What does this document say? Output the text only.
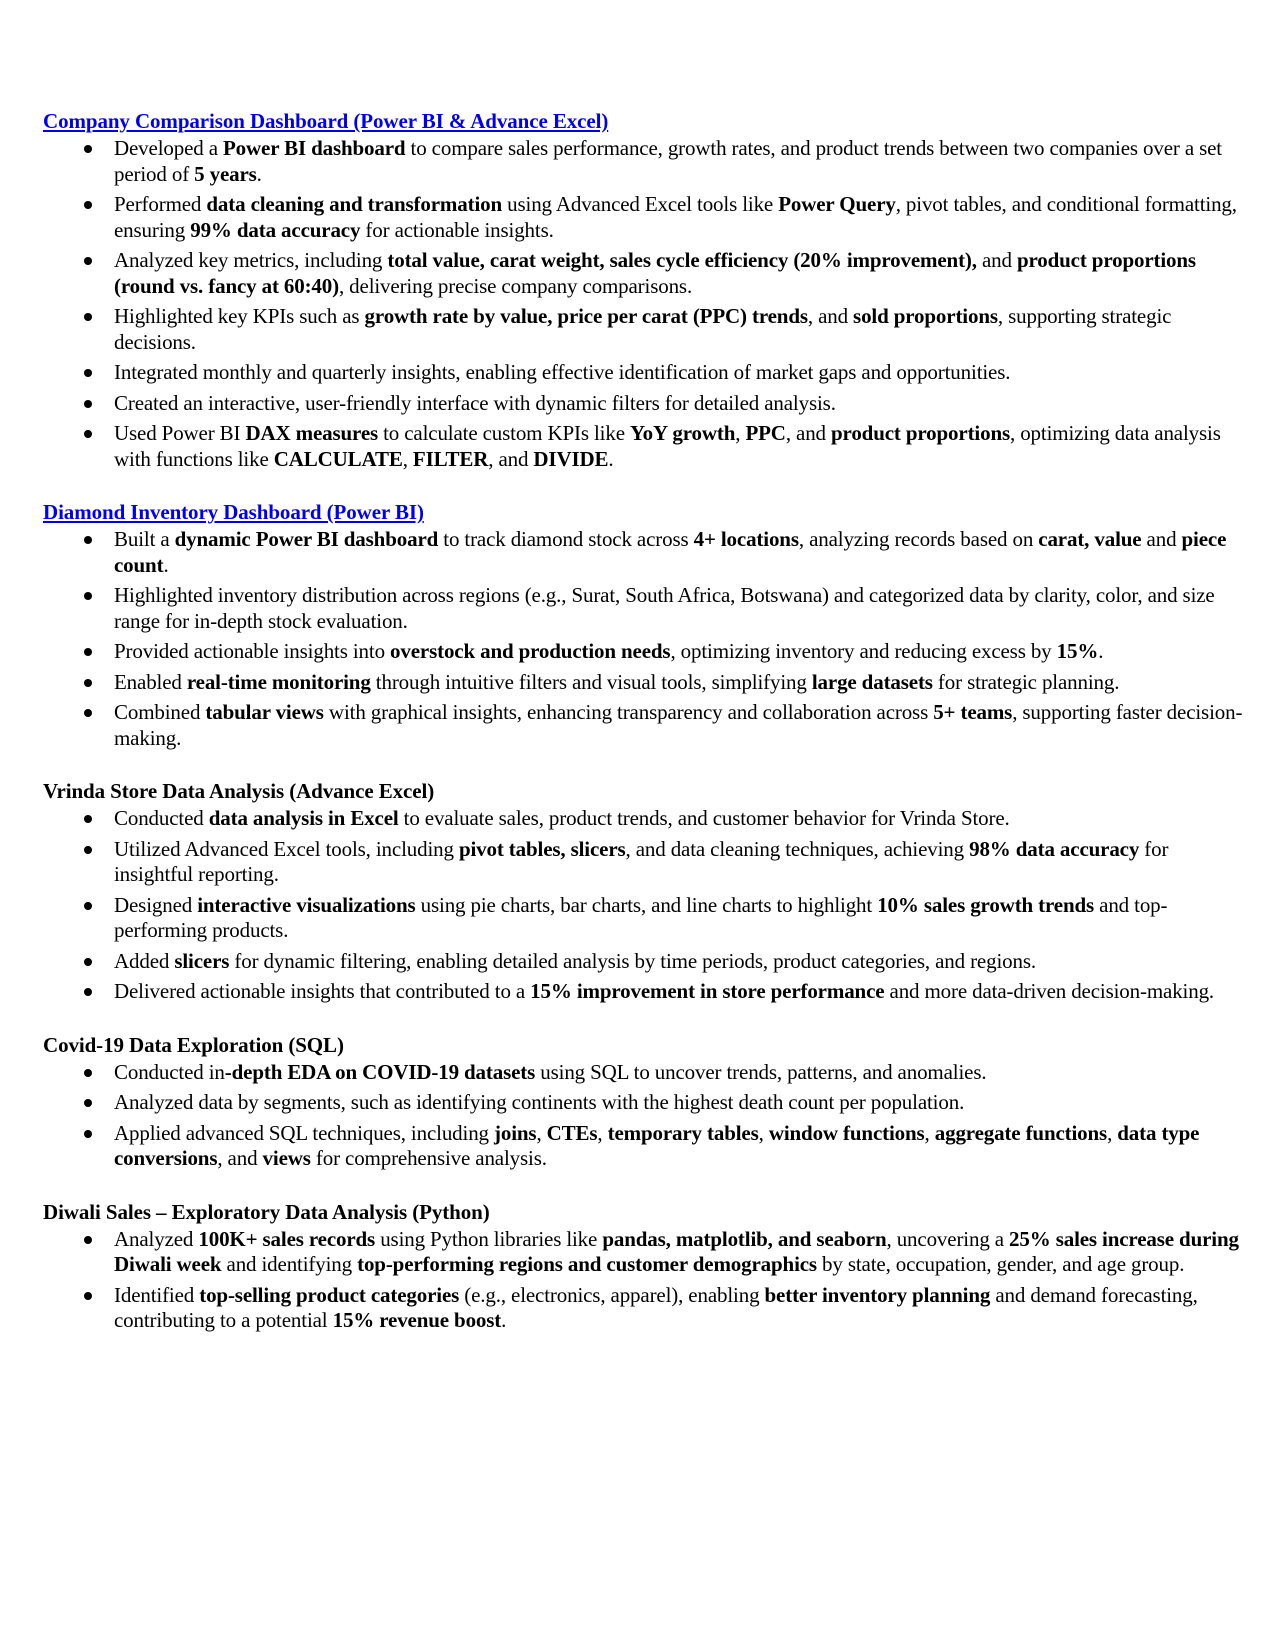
Company Comparison Dashboard (Power BI & Advance Excel)
Developed a Power BI dashboard to compare sales performance, growth rates, and product trends between two companies over a set period of 5 years.
Performed data cleaning and transformation using Advanced Excel tools like Power Query, pivot tables, and conditional formatting, ensuring 99% data accuracy for actionable insights.
Analyzed key metrics, including total value, carat weight, sales cycle efficiency (20% improvement), and product proportions (round vs. fancy at 60:40), delivering precise company comparisons.
Highlighted key KPIs such as growth rate by value, price per carat (PPC) trends, and sold proportions, supporting strategic decisions.
Integrated monthly and quarterly insights, enabling effective identification of market gaps and opportunities.
Created an interactive, user-friendly interface with dynamic filters for detailed analysis.
Used Power BI DAX measures to calculate custom KPIs like YoY growth, PPC, and product proportions, optimizing data analysis with functions like CALCULATE, FILTER, and DIVIDE.
Diamond Inventory Dashboard (Power BI)
Built a dynamic Power BI dashboard to track diamond stock across 4+ locations, analyzing records based on carat, value and piece count.
Highlighted inventory distribution across regions (e.g., Surat, South Africa, Botswana) and categorized data by clarity, color, and size range for in-depth stock evaluation.
Provided actionable insights into overstock and production needs, optimizing inventory and reducing excess by 15%.
Enabled real-time monitoring through intuitive filters and visual tools, simplifying large datasets for strategic planning.
Combined tabular views with graphical insights, enhancing transparency and collaboration across 5+ teams, supporting faster decision-making.
Vrinda Store Data Analysis (Advance Excel)
Conducted data analysis in Excel to evaluate sales, product trends, and customer behavior for Vrinda Store.
Utilized Advanced Excel tools, including pivot tables, slicers, and data cleaning techniques, achieving 98% data accuracy for insightful reporting.
Designed interactive visualizations using pie charts, bar charts, and line charts to highlight 10% sales growth trends and top-performing products.
Added slicers for dynamic filtering, enabling detailed analysis by time periods, product categories, and regions.
Delivered actionable insights that contributed to a 15% improvement in store performance and more data-driven decision-making.
Covid-19 Data Exploration (SQL)
Conducted in-depth EDA on COVID-19 datasets using SQL to uncover trends, patterns, and anomalies.
Analyzed data by segments, such as identifying continents with the highest death count per population.
Applied advanced SQL techniques, including joins, CTEs, temporary tables, window functions, aggregate functions, data type conversions, and views for comprehensive analysis.
Diwali Sales – Exploratory Data Analysis (Python)
Analyzed 100K+ sales records using Python libraries like pandas, matplotlib, and seaborn, uncovering a 25% sales increase during Diwali week and identifying top-performing regions and customer demographics by state, occupation, gender, and age group.
Identified top-selling product categories (e.g., electronics, apparel), enabling better inventory planning and demand forecasting, contributing to a potential 15% revenue boost.
